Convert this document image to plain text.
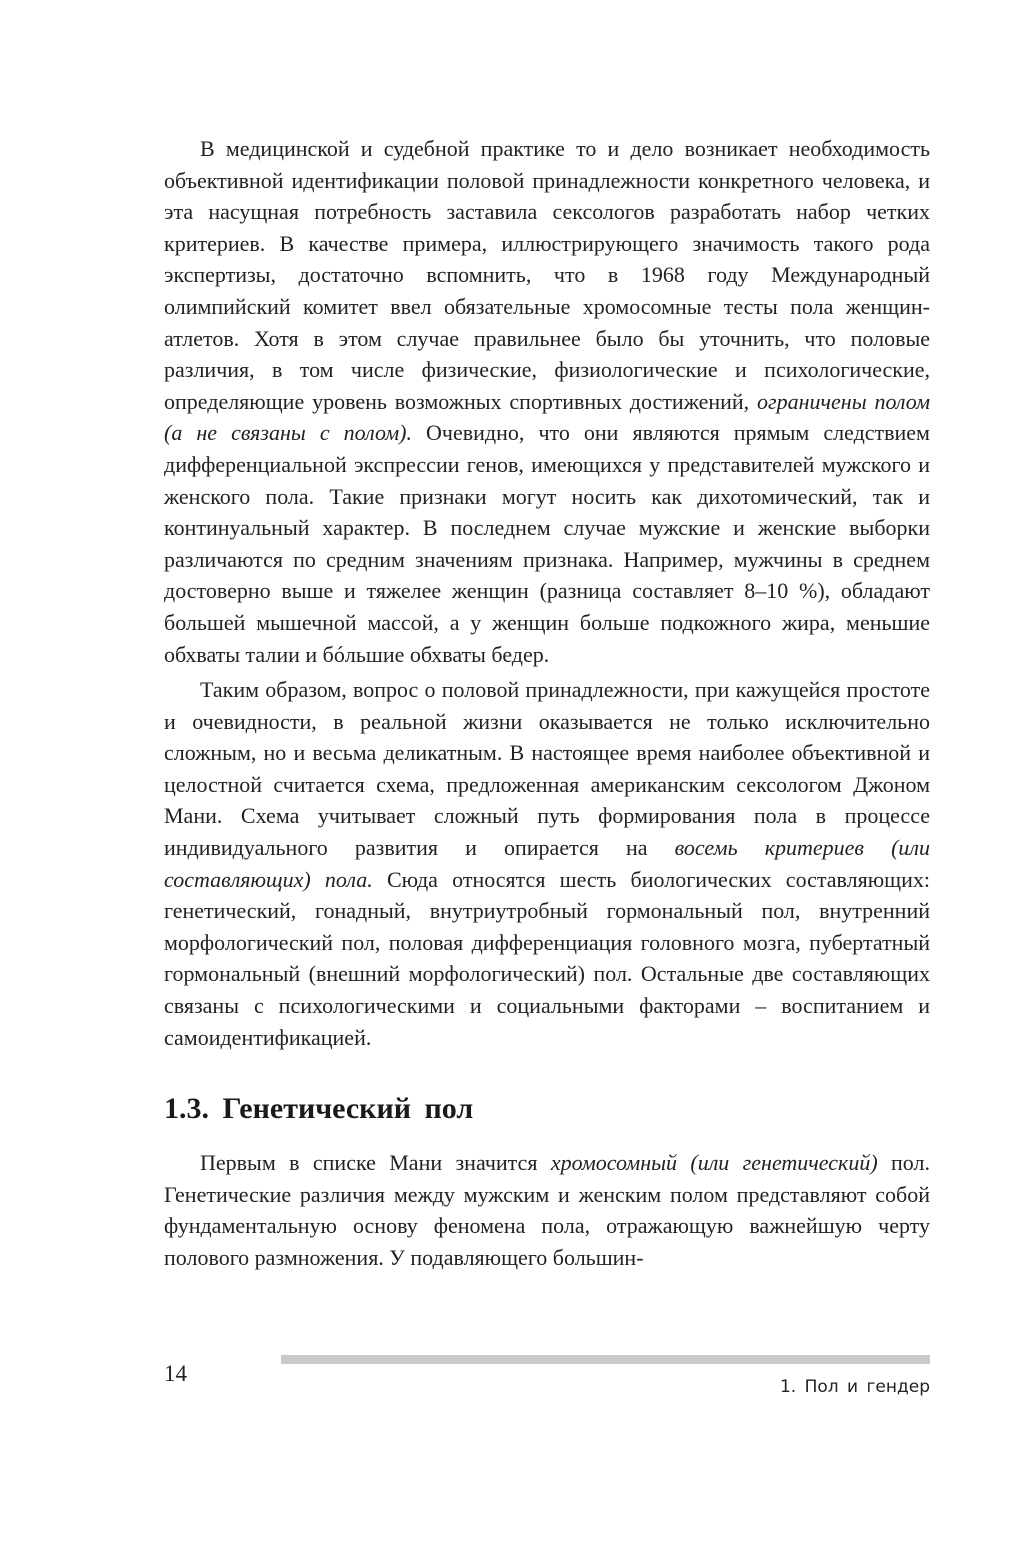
В медицинской и судебной практике то и дело возникает необходимость объективной идентификации половой принадлежности конкретного человека, и эта насущная потребность заставила сексологов разработать набор четких критериев. В качестве примера, иллюстрирующего значимость такого рода экспертизы, достаточно вспомнить, что в 1968 году Международный олимпийский комитет ввел обязательные хромосомные тесты пола женщин-атлетов. Хотя в этом случае правильнее было бы уточнить, что половые различия, в том числе физические, физиологические и психологические, определяющие уровень возможных спортивных достижений, ограничены полом (а не связаны с полом). Очевидно, что они являются прямым следствием дифференциальной экспрессии генов, имеющихся у представителей мужского и женского пола. Такие признаки могут носить как дихотомический, так и континуальный характер. В последнем случае мужские и женские выборки различаются по средним значениям признака. Например, мужчины в среднем достоверно выше и тяжелее женщин (разница составляет 8–10 %), обладают большей мышечной массой, а у женщин больше подкожного жира, меньшие обхваты талии и бóльшие обхваты бедер.

Таким образом, вопрос о половой принадлежности, при кажущейся простоте и очевидности, в реальной жизни оказывается не только исключительно сложным, но и весьма деликатным. В настоящее время наиболее объективной и целостной считается схема, предложенная американским сексологом Джоном Мани. Схема учитывает сложный путь формирования пола в процессе индивидуального развития и опирается на восемь критериев (или составляющих) пола. Сюда относятся шесть биологических составляющих: генетический, гонадный, внутриутробный гормональный пол, внутренний морфологический пол, половая дифференциация головного мозга, пубертатный гормональный (внешний морфологический) пол. Остальные две составляющих связаны с психологическими и социальными факторами – воспитанием и самоидентификацией.

1.3. Генетический пол

Первым в списке Мани значится хромосомный (или генетический) пол. Генетические различия между мужским и женским полом представляют собой фундаментальную основу феномена пола, отражающую важнейшую черту полового размножения. У подавляющего большин-

14
1. Пол и гендер
